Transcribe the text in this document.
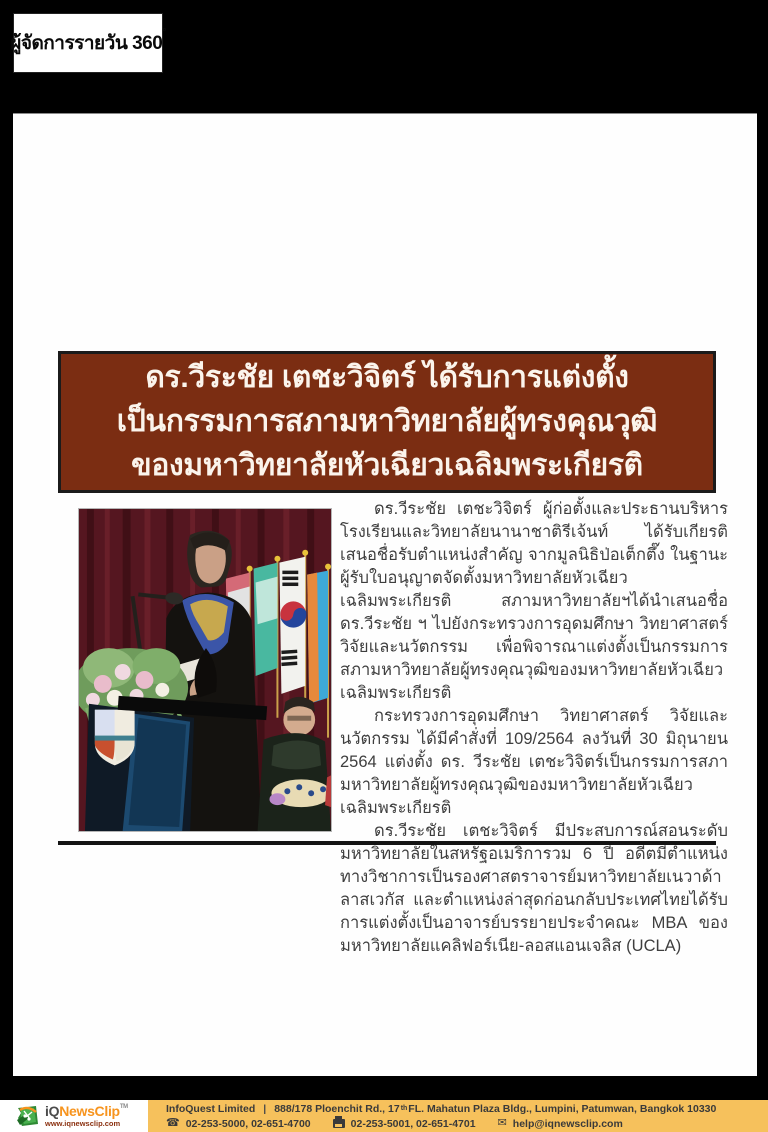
ผู้จัดการรายวัน 360°
ดร.วีระชัย เตชะวิจิตร์ ได้รับการแต่งตั้ง
เป็นกรรมการสภามหาวิทยาลัยผู้ทรงคุณวุฒิ
ของมหาวิทยาลัยหัวเฉียวเฉลิมพระเกียรติ

ดร.วีระชัย เตชะวิจิตร์ ผู้ก่อตั้งและประธานบริหารโรงเรียนและวิทยาลัยนานาชาติรีเจ้นท์ ได้รับเกียรติเสนอชื่อรับตำแหน่งสำคัญ จากมูลนิธิป่อเต็กตึ๊ง ในฐานะผู้รับใบอนุญาตจัดตั้งมหาวิทยาลัยหัวเฉียวเฉลิมพระเกียรติ สภามหาวิทยาลัยฯได้นำเสนอชื่อดร.วีระชัย ฯ ไปยังกระทรวงการอุดมศึกษา วิทยาศาสตร์ วิจัยและนวัตกรรม เพื่อพิจารณาแต่งตั้งเป็นกรรมการสภามหาวิทยาลัยผู้ทรงคุณวุฒิของมหาวิทยาลัยหัวเฉียวเฉลิมพระเกียรติ

กระทรวงการอุดมศึกษา วิทยาศาสตร์ วิจัยและนวัตกรรม ได้มีคำสั่งที่ 109/2564 ลงวันที่ 30 มิถุนายน 2564 แต่งตั้ง ดร. วีระชัย เตชะวิจิตร์เป็นกรรมการสภามหาวิทยาลัยผู้ทรงคุณวุฒิของมหาวิทยาลัยหัวเฉียวเฉลิมพระเกียรติ

ดร.วีระชัย เตชะวิจิตร์ มีประสบการณ์สอนระดับมหาวิทยาลัยในสหรัฐอเมริการวม 6 ปี อดีตมีตำแหน่งทางวิชาการเป็นรองศาสตราจารย์มหาวิทยาลัยเนวาด้า ลาสเวกัส และตำแหน่งล่าสุดก่อนกลับประเทศไทยได้รับการแต่งตั้งเป็นอาจารย์บรรยายประจำคณะ MBA ของมหาวิทยาลัยแคลิฟอร์เนีย-ลอสแอนเจลิส (UCLA)

iQNewsClip™
www.iqnewsclip.com
InfoQuest Limited | 888/178 Ploenchit Rd., 17 th FL. Mahatun Plaza Bldg., Lumpini, Patumwan, Bangkok 10330
☎ 02-253-5000, 02-651-4700	02-253-5001, 02-651-4701 ✉ help@iqnewsclip.com
